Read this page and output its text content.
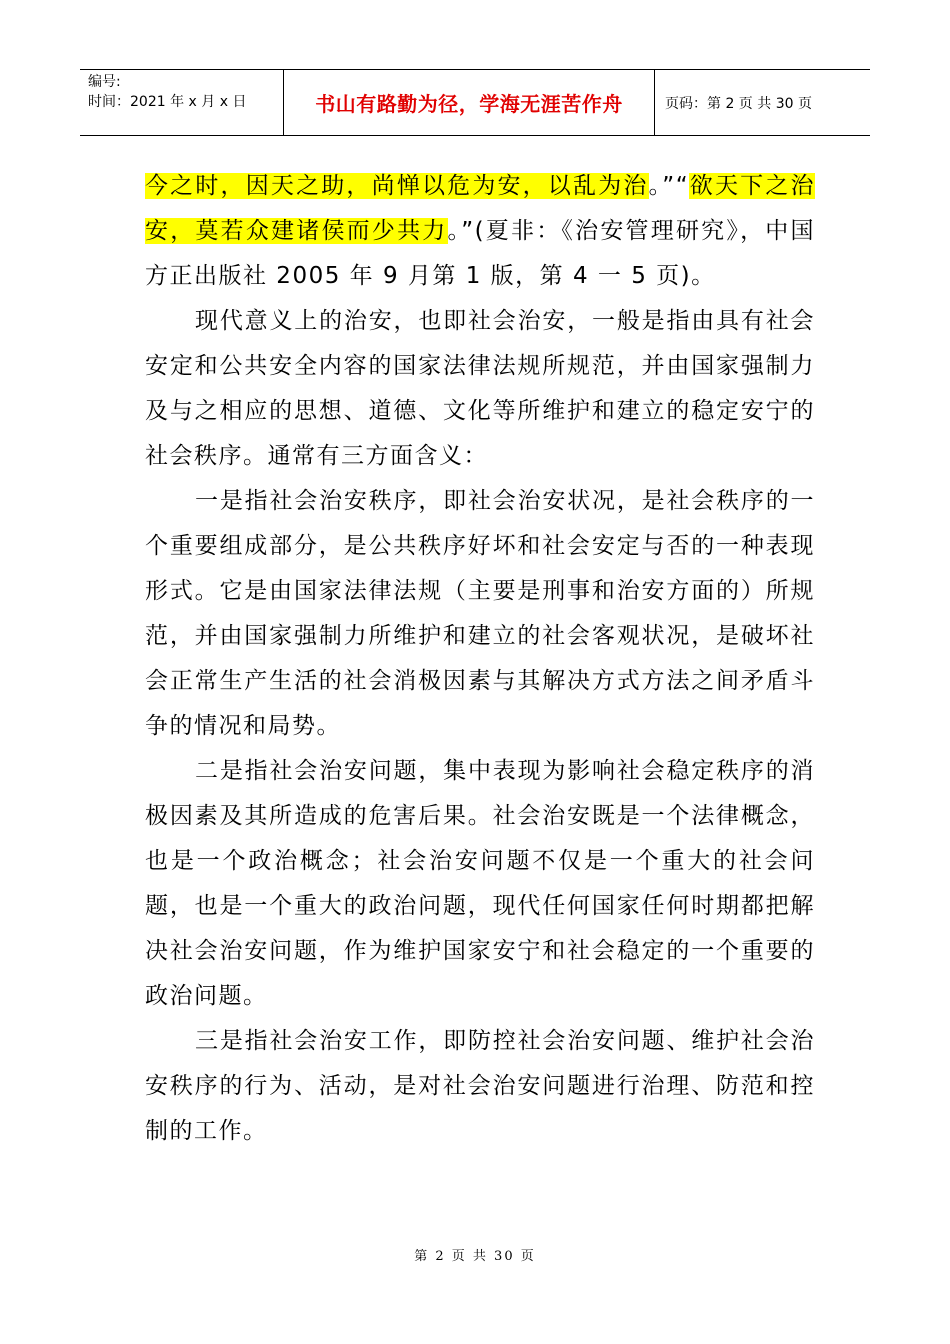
编号:
时间：2021 年 x 月 x 日	书山有路勤为径，学海无涯苦作舟	页码：第 2 页 共 30 页

今之时，因天之助，尚惮以危为安，以乱为治。”“欲天下之治安，莫若众建诸侯而少共力。”(夏非：《治安管理研究》，中国方正出版社 2005 年 9 月第 1 版，第 4 一 5 页)。

现代意义上的治安，也即社会治安，一般是指由具有社会安定和公共安全内容的国家法律法规所规范，并由国家强制力及与之相应的思想、道德、文化等所维护和建立的稳定安宁的社会秩序。通常有三方面含义：

一是指社会治安秩序，即社会治安状况，是社会秩序的一个重要组成部分，是公共秩序好坏和社会安定与否的一种表现形式。它是由国家法律法规（主要是刑事和治安方面的）所规范，并由国家强制力所维护和建立的社会客观状况，是破坏社会正常生产生活的社会消极因素与其解决方式方法之间矛盾斗争的情况和局势。

二是指社会治安问题，集中表现为影响社会稳定秩序的消极因素及其所造成的危害后果。社会治安既是一个法律概念，也是一个政治概念；社会治安问题不仅是一个重大的社会问题，也是一个重大的政治问题，现代任何国家任何时期都把解决社会治安问题，作为维护国家安宁和社会稳定的一个重要的政治问题。

三是指社会治安工作，即防控社会治安问题、维护社会治安秩序的行为、活动，是对社会治安问题进行治理、防范和控制的工作。

第 2 页 共 30 页
